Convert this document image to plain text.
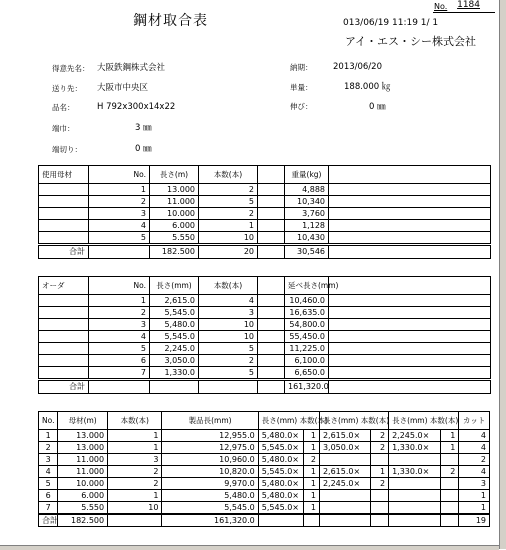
鋼材取合表
No.	1184
013/06/19 11:19 1/ 1
アイ・エス・シー株式会社
得意先名： 大阪鉄鋼株式会社	納期： 2013/06/20
送り先： 大阪市中央区	単量：	188.000 ㎏
品名：	H 792x300x14x22	伸び：	0 ㎜
端巾：	3 ㎜
端切り：	0 ㎜
使用母材	No.	長さ(m)	本数(本)		重量(kg)	
	1	13.000	2		4,888	
	2	11.000	5		10,340	
	3	10.000	2		3,760	
	4	6.000	1		1,128	
	5	5.550	10		10,430	
合計		182.500	20		30,546	
オーダ	No.	長さ(mm)	本数(本)		延べ長さ(mm)	
	1	2,615.0	4		10,460.0	
	2	5,545.0	3		16,635.0	
	3	5,480.0	10		54,800.0	
	4	5,545.0	10		55,450.0	
	5	2,245.0	5		11,225.0	
	6	3,050.0	2		6,100.0	
	7	1,330.0	5		6,650.0	
合計					161,320.0	
No.	母材(m)	本数(本)	製品長(mm)	長さ(mm) 本数(本)		長さ(mm) 本数(本)		長さ(mm) 本数(本)		カット
1	13.000	1	12,955.0	5,480.0×	1	2,615.0×	2	2,245.0×	1	4
2	13.000	1	12,975.0	5,545.0×	1	3,050.0×	2	1,330.0×	1	4
3	11.000	3	10,960.0	5,480.0×	2					2
4	11.000	2	10,820.0	5,545.0×	1	2,615.0×	1	1,330.0×	2	4
5	10.000	2	9,970.0	5,480.0×	1	2,245.0×	2			3
6	6.000	1	5,480.0	5,480.0×	1					1
7	5.550	10	5,545.0	5,545.0×	1					1
合計	182.500		161,320.0							19
